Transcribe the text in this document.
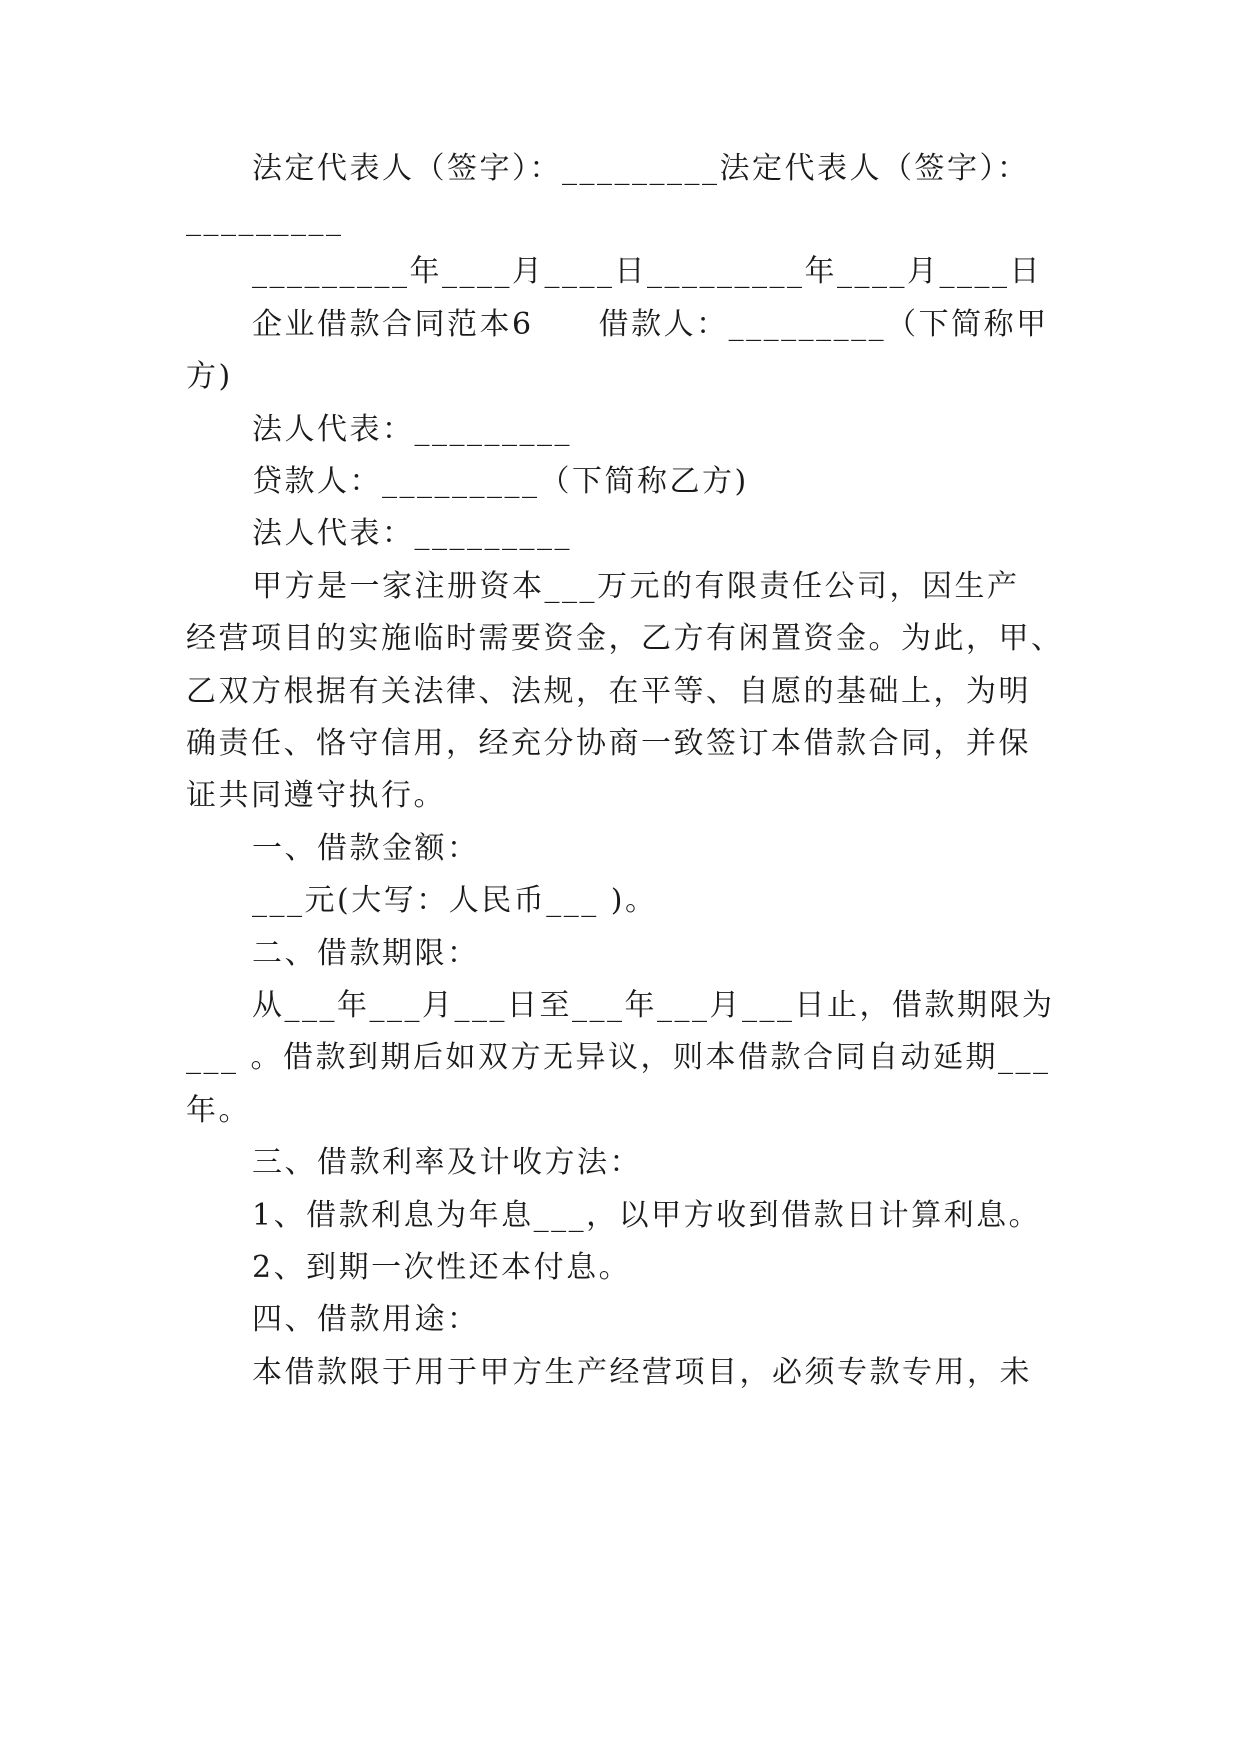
法定代表人（签字）：_________法定代表人（签字）：

_________

_________年____月____日_________年____月____日

企业借款合同范本6　　借款人：_________（下简称甲

方)

法人代表：_________

贷款人：_________（下简称乙方)

法人代表：_________

甲方是一家注册资本___万元的有限责任公司，因生产

经营项目的实施临时需要资金，乙方有闲置资金。为此，甲、

乙双方根据有关法律、法规，在平等、自愿的基础上，为明

确责任、恪守信用，经充分协商一致签订本借款合同，并保

证共同遵守执行。

一、借款金额：

___元(大写：人民币___ )。

二、借款期限：

从___年___月___日至___年___月___日止，借款期限为

___ 。借款到期后如双方无异议，则本借款合同自动延期___

年。

三、借款利率及计收方法：

1、借款利息为年息___，以甲方收到借款日计算利息。

2、到期一次性还本付息。

四、借款用途：

本借款限于用于甲方生产经营项目，必须专款专用，未
